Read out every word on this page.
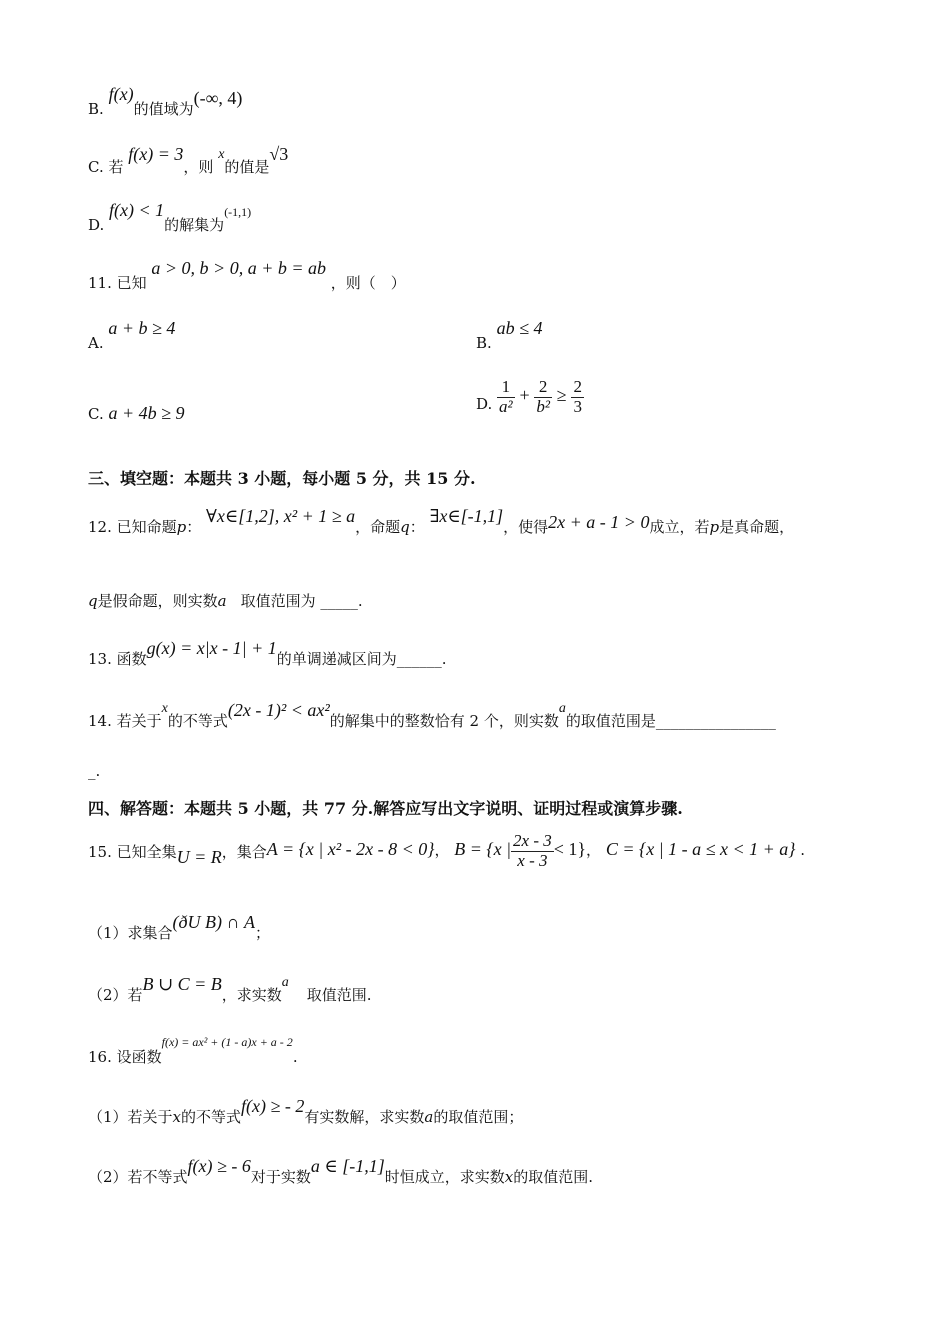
B. f(x)的值域为(-∞, 4)
C. 若 f(x) = 3，则 x的值是√3
D. f(x) < 1的解集为(-1,1)
11. 已知 a > 0, b > 0, a + b = ab ，则（　）
A. a + b ≥ 4
B. ab ≤ 4
C. a + 4b ≥ 9	D. $\frac{1}{\text{a²}} + \frac{2}{\text{b²}} \ge \frac{2}{3}$
三、填空题：本题共 3 小题，每小题 5 分，共 15 分.
12. 已知命题p： ∀x∈[1,2], x² + 1 ≥ a，命题q： ∃x∈[-1,1]，使得2x + a - 1 > 0成立，若p是真命题，
q是假命题，则实数a 取值范围为 _____.
13. 函数g(x) = x|x - 1| + 1的单调递减区间为______.
14. 若关于x的不等式(2x - 1)² < ax²的解集中的整数恰有 2 个，则实数a的取值范围是________________
_.
四、解答题：本题共 5 小题，共 77 分.解答应写出文字说明、证明过程或演算步骤.
15. 已知全集U = R，集合A = {x | x² - 2x - 8 < 0}， B = {x | $\frac{2x - 3}{x - 3} < 1$}， C = {x | 1 - a ≤ x < 1 + a} .
（1）求集合(ðU B) ∩ A；
（2）若B ∪ C = B，求实数a取值范围.
16. 设函数f(x) = ax² + (1 - a)x + a - 2.
（1）若关于x的不等式f(x) ≥ - 2有实数解，求实数a的取值范围；
（2）若不等式f(x) ≥ - 6对于实数a ∈ [-1,1]时恒成立，求实数x的取值范围.
